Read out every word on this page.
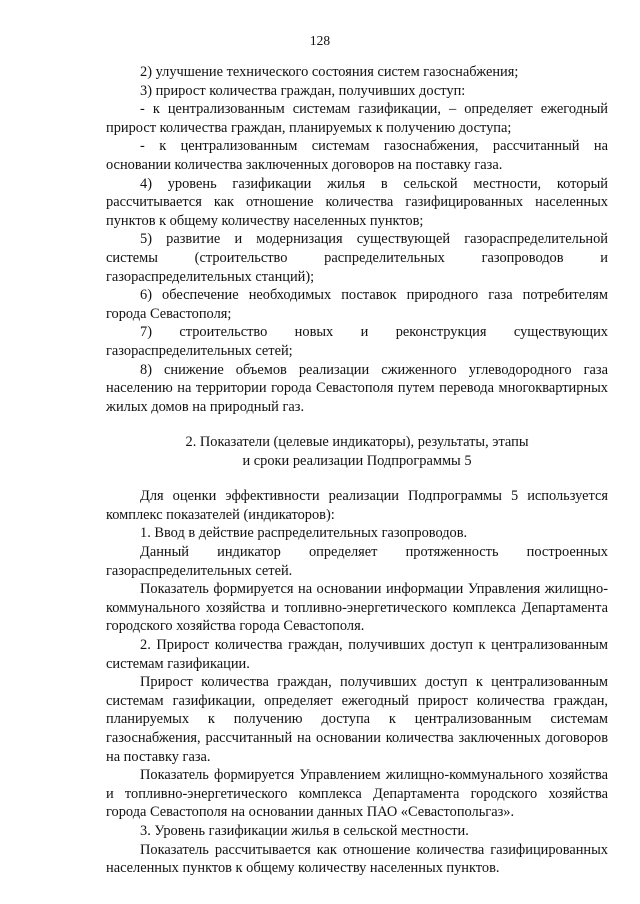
128

2) улучшение технического состояния систем газоснабжения;

3) прирост количества граждан, получивших доступ:

- к централизованным системам газификации, – определяет ежегодный прирост количества граждан, планируемых к получению доступа;

- к централизованным системам газоснабжения, рассчитанный на основании количества заключенных договоров на поставку газа.

4) уровень газификации жилья в сельской местности, который рассчитывается как отношение количества газифицированных населенных пунктов к общему количеству населенных пунктов;

5) развитие и модернизация существующей газораспределительной системы (строительство распределительных газопроводов и газораспределительных станций);

6) обеспечение необходимых поставок природного газа потребителям города Севастополя;

7) строительство новых и реконструкция существующих газораспределительных сетей;

8) снижение объемов реализации сжиженного углеводородного газа населению на территории города Севастополя путем перевода многоквартирных жилых домов на природный газ.

2. Показатели (целевые индикаторы), результаты, этапы
и сроки реализации Подпрограммы 5

Для оценки эффективности реализации Подпрограммы 5 используется комплекс показателей (индикаторов):

1. Ввод в действие распределительных газопроводов.

Данный индикатор определяет протяженность построенных газораспределительных сетей.

Показатель формируется на основании информации Управления жилищно-коммунального хозяйства и топливно-энергетического комплекса Департамента городского хозяйства города Севастополя.

2. Прирост количества граждан, получивших доступ к централизованным системам газификации.

Прирост количества граждан, получивших доступ к централизованным системам газификации, определяет ежегодный прирост количества граждан, планируемых к получению доступа к централизованным системам газоснабжения, рассчитанный на основании количества заключенных договоров на поставку газа.

Показатель формируется Управлением жилищно-коммунального хозяйства и топливно-энергетического комплекса Департамента городского хозяйства города Севастополя на основании данных ПАО «Севастопольгаз».

3. Уровень газификации жилья в сельской местности.

Показатель рассчитывается как отношение количества газифицированных населенных пунктов к общему количеству населенных пунктов.
